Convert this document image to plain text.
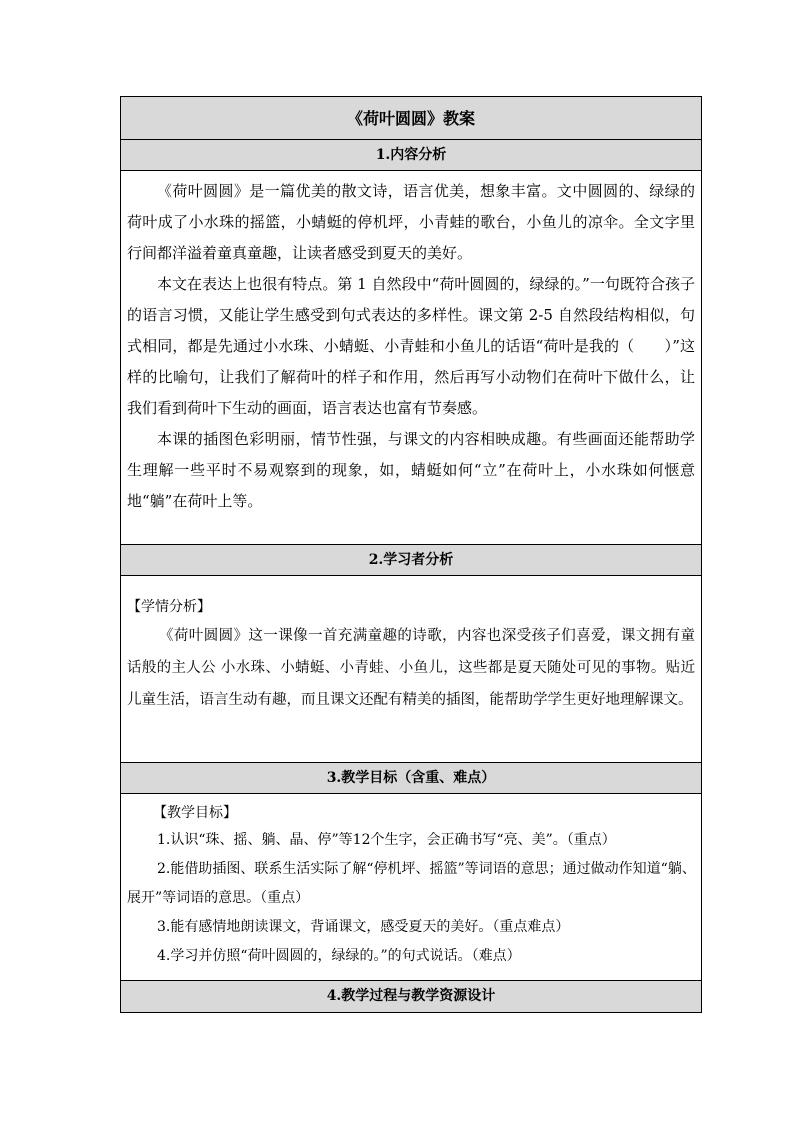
《荷叶圆圆》教案
1.内容分析

《荷叶圆圆》是一篇优美的散文诗，语言优美，想象丰富。文中圆圆的、绿绿的荷叶成了小水珠的摇篮，小蜻蜓的停机坪，小青蛙的歌台，小鱼儿的凉伞。全文字里行间都洋溢着童真童趣，让读者感受到夏天的美好。

本文在表达上也很有特点。第 1 自然段中“荷叶圆圆的，绿绿的。”一句既符合孩子的语言习惯，又能让学生感受到句式表达的多样性。课文第 2-5 自然段结构相似，句式相同，都是先通过小水珠、小蜻蜓、小青蛙和小鱼儿的话语“荷叶是我的（　　）”这样的比喻句，让我们了解荷叶的样子和作用，然后再写小动物们在荷叶下做什么，让我们看到荷叶下生动的画面，语言表达也富有节奏感。

本课的插图色彩明丽，情节性强，与课文的内容相映成趣。有些画面还能帮助学生理解一些平时不易观察到的现象，如，蜻蜓如何“立”在荷叶上，小水珠如何惬意地“躺”在荷叶上等。

2.学习者分析

【学情分析】

《荷叶圆圆》这一课像一首充满童趣的诗歌，内容也深受孩子们喜爱，课文拥有童话般的主人公 小水珠、小蜻蜓、小青蛙、小鱼儿，这些都是夏天随处可见的事物。贴近儿童生活，语言生动有趣，而且课文还配有精美的插图，能帮助学学生更好地理解课文。

3.教学目标（含重、难点）

【教学目标】

1.认识“珠、摇、躺、晶、停”等12个生字，会正确书写“亮、美”。（重点）

2.能借助插图、联系生活实际了解“停机坪、摇篮”等词语的意思；通过做动作知道“躺、展开”等词语的意思。（重点）

3.能有感情地朗读课文，背诵课文，感受夏天的美好。（重点难点）

4.学习并仿照“荷叶圆圆的，绿绿的。”的句式说话。（难点）

4.教学过程与教学资源设计
